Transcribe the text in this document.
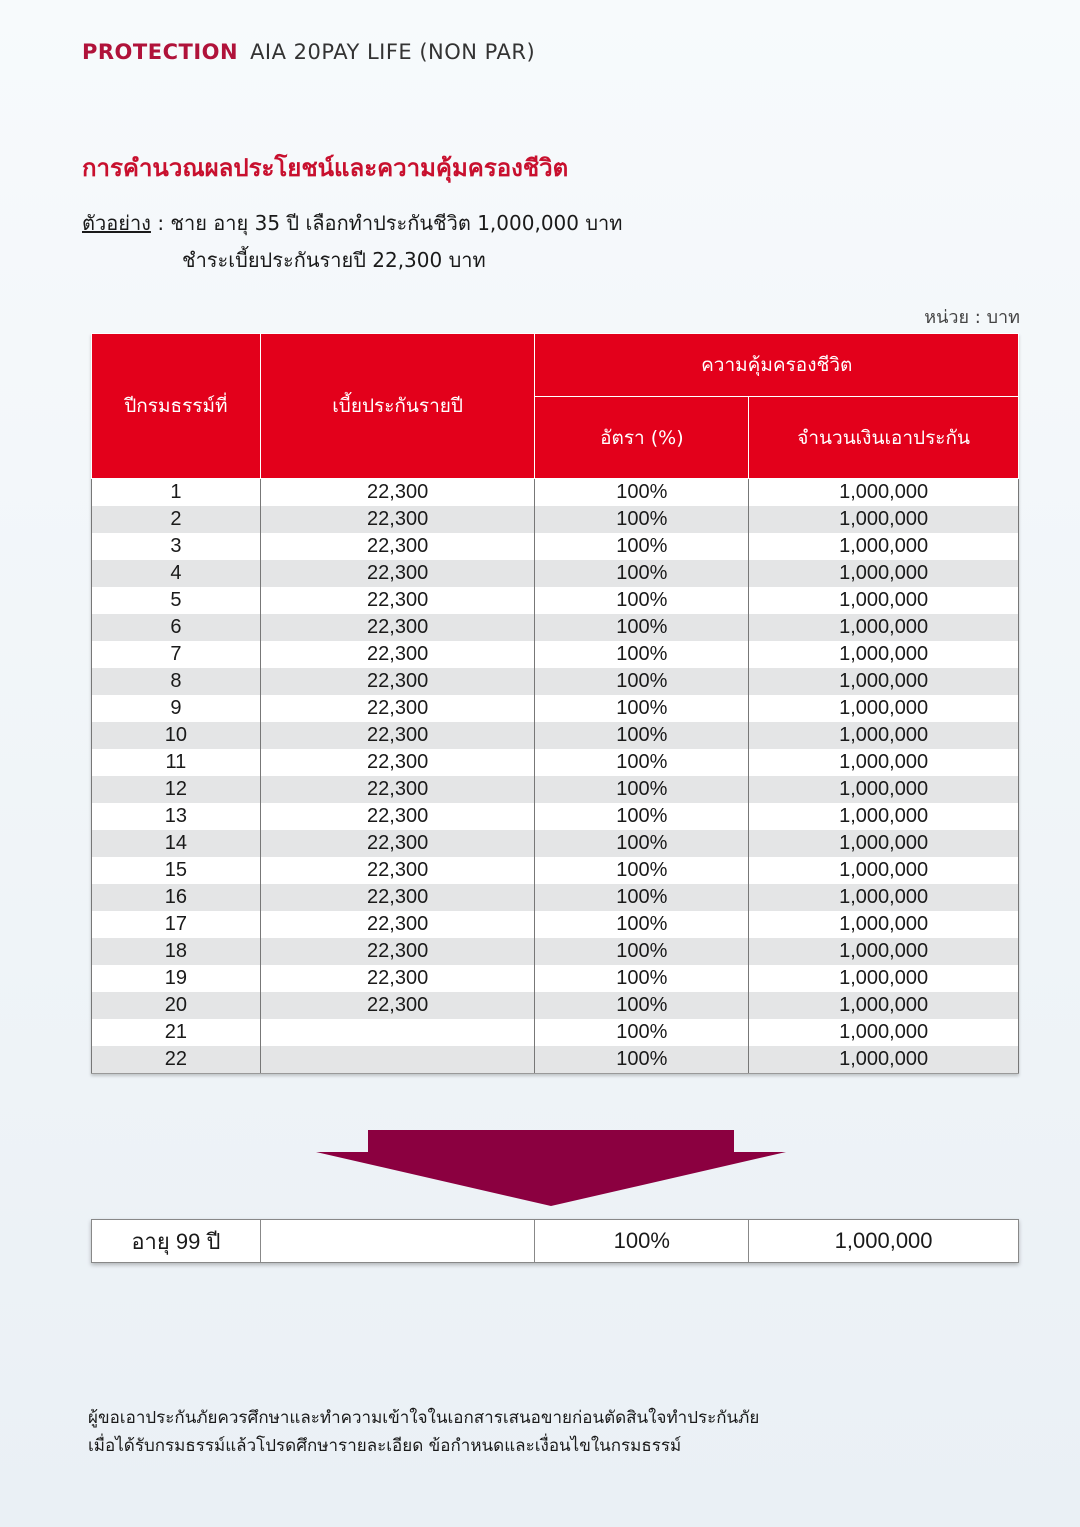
PROTECTION AIA 20PAY LIFE (NON PAR)
การคำนวณผลประโยชน์และความคุ้มครองชีวิต
ตัวอย่าง : ชาย อายุ 35 ปี เลือกทำประกันชีวิต 1,000,000 บาท
ชำระเบี้ยประกันรายปี 22,300 บาท
หน่วย : บาท
ปีกรมธรรม์ที่	เบี้ยประกันรายปี	ความคุ้มครองชีวิต	
		อัตรา (%)	จำนวนเงินเอาประกัน
1	22,300	100%	1,000,000
2	22,300	100%	1,000,000
3	22,300	100%	1,000,000
4	22,300	100%	1,000,000
5	22,300	100%	1,000,000
6	22,300	100%	1,000,000
7	22,300	100%	1,000,000
8	22,300	100%	1,000,000
9	22,300	100%	1,000,000
10	22,300	100%	1,000,000
11	22,300	100%	1,000,000
12	22,300	100%	1,000,000
13	22,300	100%	1,000,000
14	22,300	100%	1,000,000
15	22,300	100%	1,000,000
16	22,300	100%	1,000,000
17	22,300	100%	1,000,000
18	22,300	100%	1,000,000
19	22,300	100%	1,000,000
20	22,300	100%	1,000,000
21		100%	1,000,000
22		100%	1,000,000
อายุ 99 ปี		100%	1,000,000
ผู้ขอเอาประกันภัยควรศึกษาและทำความเข้าใจในเอกสารเสนอขายก่อนตัดสินใจทำประกันภัย
เมื่อได้รับกรมธรรม์แล้วโปรดศึกษารายละเอียด ข้อกำหนดและเงื่อนไขในกรมธรรม์
